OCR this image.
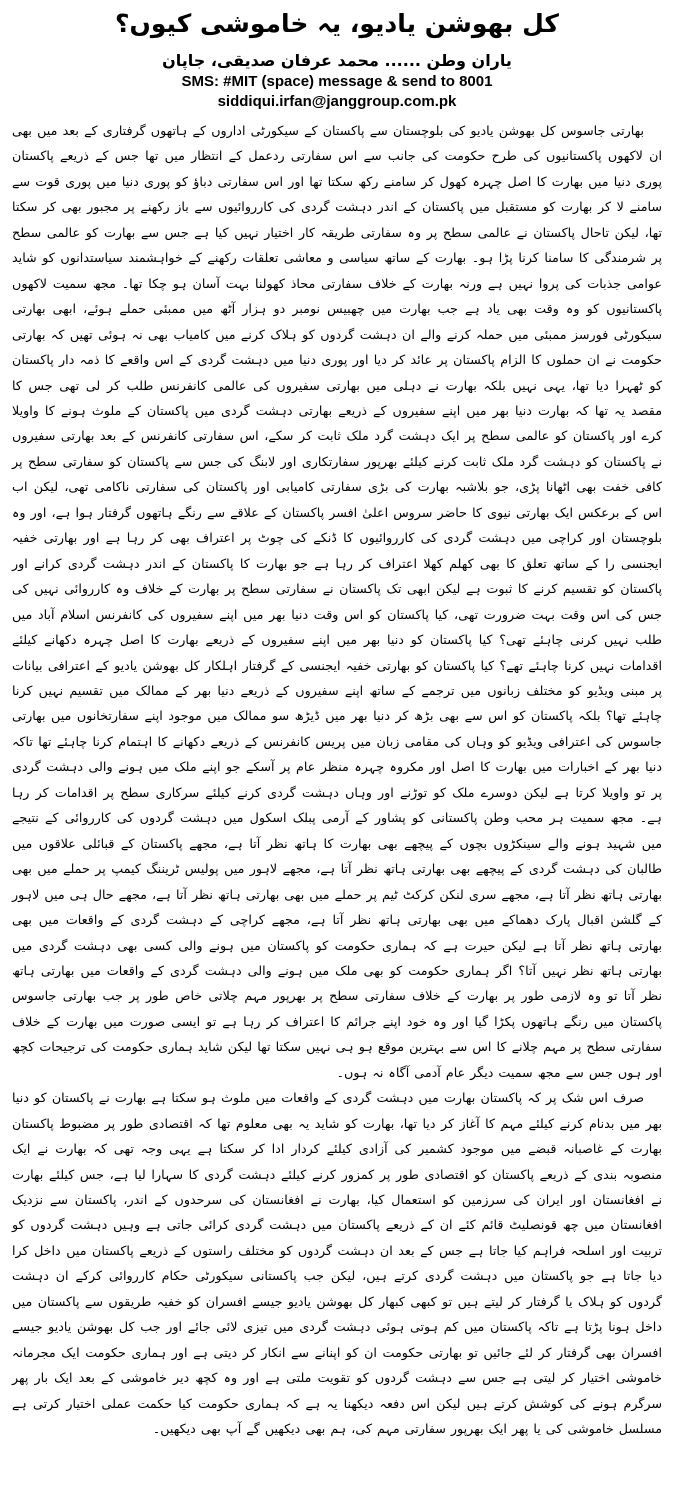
کل بھوشن یادیو، یہ خاموشی کیوں؟
یاران وطن ...... محمد عرفان صدیقی، جاپان
SMS: #MIT (space) message & send to 8001
siddiqui.irfan@janggroup.com.pk

بھارتی جاسوس کل بھوشن یادیو کی بلوچستان سے پاکستان کے سیکورٹی اداروں کے ہاتھوں گرفتاری کے بعد میں بھی ان لاکھوں پاکستانیوں کی طرح حکومت کی جانب سے اس سفارتی ردعمل کے انتظار میں تھا جس کے ذریعے پاکستان پوری دنیا میں بھارت کا اصل چہرہ کھول کر سامنے رکھ سکتا تھا اور اس سفارتی دباؤ کو پوری دنیا میں پوری قوت سے سامنے لا کر بھارت کو مستقبل میں پاکستان کے اندر دہشت گردی کی کارروائیوں سے باز رکھنے پر مجبور بھی کر سکتا تھا، لیکن تاحال پاکستان نے عالمی سطح پر وہ سفارتی طریقہ کار اختیار نہیں کیا ہے جس سے بھارت کو عالمی سطح پر شرمندگی کا سامنا کرنا پڑا ہو۔ بھارت کے ساتھ سیاسی و معاشی تعلقات رکھنے کے خواہشمند سیاستدانوں کو شاید عوامی جذبات کی پروا نہیں ہے ورنہ بھارت کے خلاف سفارتی محاذ کھولنا بہت آسان ہو چکا تھا۔ مجھ سمیت لاکھوں پاکستانیوں کو وہ وقت بھی یاد ہے جب بھارت میں چھبیس نومبر دو ہزار آٹھ میں ممبئی حملے ہوئے، ابھی بھارتی سیکورٹی فورسز ممبئی میں حملہ کرنے والے ان دہشت گردوں کو ہلاک کرنے میں کامیاب بھی نہ ہوئی تھیں کہ بھارتی حکومت نے ان حملوں کا الزام پاکستان پر عائد کر دیا اور پوری دنیا میں دہشت گردی کے اس واقعے کا ذمہ دار پاکستان کو ٹھہرا دیا تھا، یہی نہیں بلکہ بھارت نے دہلی میں بھارتی سفیروں کی عالمی کانفرنس طلب کر لی تھی جس کا مقصد یہ تھا کہ بھارت دنیا بھر میں اپنے سفیروں کے ذریعے بھارتی دہشت گردی میں پاکستان کے ملوث ہونے کا واویلا کرے اور پاکستان کو عالمی سطح پر ایک دہشت گرد ملک ثابت کر سکے، اس سفارتی کانفرنس کے بعد بھارتی سفیروں نے پاکستان کو دہشت گرد ملک ثابت کرنے کیلئے بھرپور سفارتکاری اور لابنگ کی جس سے پاکستان کو سفارتی سطح پر کافی خفت بھی اٹھانا پڑی، جو بلاشبہ بھارت کی بڑی سفارتی کامیابی اور پاکستان کی سفارتی ناکامی تھی، لیکن اب اس کے برعکس ایک بھارتی نیوی کا حاضر سروس اعلیٰ افسر پاکستان کے علاقے سے رنگے ہاتھوں گرفتار ہوا ہے، اور وہ بلوچستان اور کراچی میں دہشت گردی کی کارروائیوں کا ڈنکے کی چوٹ پر اعتراف بھی کر رہا ہے اور بھارتی خفیہ ایجنسی را کے ساتھ تعلق کا بھی کھلم کھلا اعتراف کر رہا ہے جو بھارت کا پاکستان کے اندر دہشت گردی کرانے اور پاکستان کو تقسیم کرنے کا ثبوت ہے لیکن ابھی تک پاکستان نے سفارتی سطح پر بھارت کے خلاف وہ کارروائی نہیں کی جس کی اس وقت بہت ضرورت تھی، کیا پاکستان کو اس وقت دنیا بھر میں اپنے سفیروں کی کانفرنس اسلام آباد میں طلب نہیں کرنی چاہئے تھی؟ کیا پاکستان کو دنیا بھر میں اپنے سفیروں کے ذریعے بھارت کا اصل چہرہ دکھانے کیلئے اقدامات نہیں کرنا چاہئے تھے؟ کیا پاکستان کو بھارتی خفیہ ایجنسی کے گرفتار اہلکار کل بھوشن یادیو کے اعترافی بیانات پر مبنی ویڈیو کو مختلف زبانوں میں ترجمے کے ساتھ اپنے سفیروں کے ذریعے دنیا بھر کے ممالک میں تقسیم نہیں کرنا چاہئے تھا؟ بلکہ پاکستان کو اس سے بھی بڑھ کر دنیا بھر میں ڈیڑھ سو ممالک میں موجود اپنے سفارتخانوں میں بھارتی جاسوس کی اعترافی ویڈیو کو وہاں کی مقامی زبان میں پریس کانفرنس کے ذریعے دکھانے کا اہتمام کرنا چاہئے تھا تاکہ دنیا بھر کے اخبارات میں بھارت کا اصل اور مکروہ چہرہ منظر عام پر آسکے جو اپنے ملک میں ہونے والی دہشت گردی پر تو واویلا کرتا ہے لیکن دوسرے ملک کو توڑنے اور وہاں دہشت گردی کرنے کیلئے سرکاری سطح پر اقدامات کر رہا ہے۔ مجھ سمیت ہر محب وطن پاکستانی کو پشاور کے آرمی پبلک اسکول میں دہشت گردوں کی کارروائی کے نتیجے میں شہید ہونے والے سینکڑوں بچوں کے پیچھے بھی بھارت کا ہاتھ نظر آتا ہے، مجھے پاکستان کے قبائلی علاقوں میں طالبان کی دہشت گردی کے پیچھے بھی بھارتی ہاتھ نظر آتا ہے، مجھے لاہور میں پولیس ٹریننگ کیمپ پر حملے میں بھی بھارتی ہاتھ نظر آتا ہے، مجھے سری لنکن کرکٹ ٹیم پر حملے میں بھی بھارتی ہاتھ نظر آتا ہے، مجھے حال ہی میں لاہور کے گلشن اقبال پارک دھماکے میں بھی بھارتی ہاتھ نظر آتا ہے، مجھے کراچی کے دہشت گردی کے واقعات میں بھی بھارتی ہاتھ نظر آتا ہے لیکن حیرت ہے کہ ہماری حکومت کو پاکستان میں ہونے والی کسی بھی دہشت گردی میں بھارتی ہاتھ نظر نہیں آتا؟ اگر ہماری حکومت کو بھی ملک میں ہونے والی دہشت گردی کے واقعات میں بھارتی ہاتھ نظر آتا تو وہ لازمی طور پر بھارت کے خلاف سفارتی سطح پر بھرپور مہم چلاتی خاص طور پر جب بھارتی جاسوس پاکستان میں رنگے ہاتھوں پکڑا گیا اور وہ خود اپنے جرائم کا اعتراف کر رہا ہے تو ایسی صورت میں بھارت کے خلاف سفارتی سطح پر مہم چلانے کا اس سے بہترین موقع ہو ہی نہیں سکتا تھا لیکن شاید ہماری حکومت کی ترجیحات کچھ اور ہوں جس سے مجھ سمیت دیگر عام آدمی آگاہ نہ ہوں۔

صرف اس شک پر کہ پاکستان بھارت میں دہشت گردی کے واقعات میں ملوث ہو سکتا ہے بھارت نے پاکستان کو دنیا بھر میں بدنام کرنے کیلئے مہم کا آغاز کر دیا تھا، بھارت کو شاید یہ بھی معلوم تھا کہ اقتصادی طور پر مضبوط پاکستان بھارت کے غاصبانہ قبضے میں موجود کشمیر کی آزادی کیلئے کردار ادا کر سکتا ہے یہی وجہ تھی کہ بھارت نے ایک منصوبہ بندی کے ذریعے پاکستان کو اقتصادی طور پر کمزور کرنے کیلئے دہشت گردی کا سہارا لیا ہے، جس کیلئے بھارت نے افغانستان اور ایران کی سرزمین کو استعمال کیا، بھارت نے افغانستان کی سرحدوں کے اندر، پاکستان سے نزدیک افغانستان میں چھ قونصلیٹ قائم کئے ان کے ذریعے پاکستان میں دہشت گردی کرائی جاتی ہے وہیں دہشت گردوں کو تربیت اور اسلحہ فراہم کیا جاتا ہے جس کے بعد ان دہشت گردوں کو مختلف راستوں کے ذریعے پاکستان میں داخل کرا دیا جاتا ہے جو پاکستان میں دہشت گردی کرتے ہیں، لیکن جب پاکستانی سیکورٹی حکام کارروائی کرکے ان دہشت گردوں کو ہلاک یا گرفتار کر لیتے ہیں تو کبھی کبھار کل بھوشن یادیو جیسے افسران کو خفیہ طریقوں سے پاکستان میں داخل ہونا پڑتا ہے تاکہ پاکستان میں کم ہوتی ہوئی دہشت گردی میں تیزی لائی جائے اور جب کل بھوشن یادیو جیسے افسران بھی گرفتار کر لئے جائیں تو بھارتی حکومت ان کو اپنانے سے انکار کر دیتی ہے اور ہماری حکومت ایک مجرمانہ خاموشی اختیار کر لیتی ہے جس سے دہشت گردوں کو تقویت ملتی ہے اور وہ کچھ دیر خاموشی کے بعد ایک بار پھر سرگرم ہونے کی کوشش کرتے ہیں لیکن اس دفعہ دیکھنا یہ ہے کہ ہماری حکومت کیا حکمت عملی اختیار کرتی ہے مسلسل خاموشی کی یا پھر ایک بھرپور سفارتی مہم کی، ہم بھی دیکھیں گے آپ بھی دیکھیں۔
